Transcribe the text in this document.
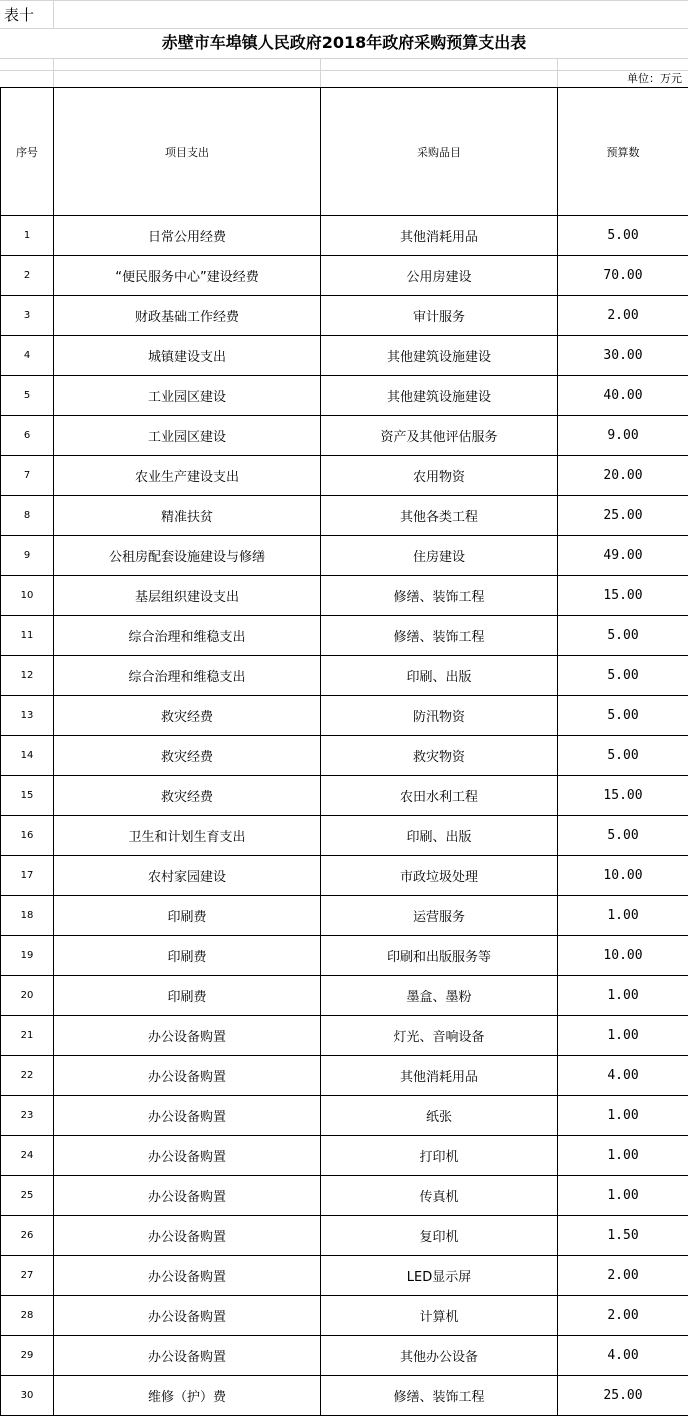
表十
赤壁市车埠镇人民政府2018年政府采购预算支出表
单位：万元
序号	项目支出	采购品目	预算数
1	日常公用经费	其他消耗用品	5.00
2	“便民服务中心”建设经费	公用房建设	70.00
3	财政基础工作经费	审计服务	2.00
4	城镇建设支出	其他建筑设施建设	30.00
5	工业园区建设	其他建筑设施建设	40.00
6	工业园区建设	资产及其他评估服务	9.00
7	农业生产建设支出	农用物资	20.00
8	精准扶贫	其他各类工程	25.00
9	公租房配套设施建设与修缮	住房建设	49.00
10	基层组织建设支出	修缮、装饰工程	15.00
11	综合治理和维稳支出	修缮、装饰工程	5.00
12	综合治理和维稳支出	印刷、出版	5.00
13	救灾经费	防汛物资	5.00
14	救灾经费	救灾物资	5.00
15	救灾经费	农田水利工程	15.00
16	卫生和计划生育支出	印刷、出版	5.00
17	农村家园建设	市政垃圾处理	10.00
18	印刷费	运营服务	1.00
19	印刷费	印刷和出版服务等	10.00
20	印刷费	墨盒、墨粉	1.00
21	办公设备购置	灯光、音响设备	1.00
22	办公设备购置	其他消耗用品	4.00
23	办公设备购置	纸张	1.00
24	办公设备购置	打印机	1.00
25	办公设备购置	传真机	1.00
26	办公设备购置	复印机	1.50
27	办公设备购置	LED显示屏	2.00
28	办公设备购置	计算机	2.00
29	办公设备购置	其他办公设备	4.00
30	维修（护）费	修缮、装饰工程	25.00
